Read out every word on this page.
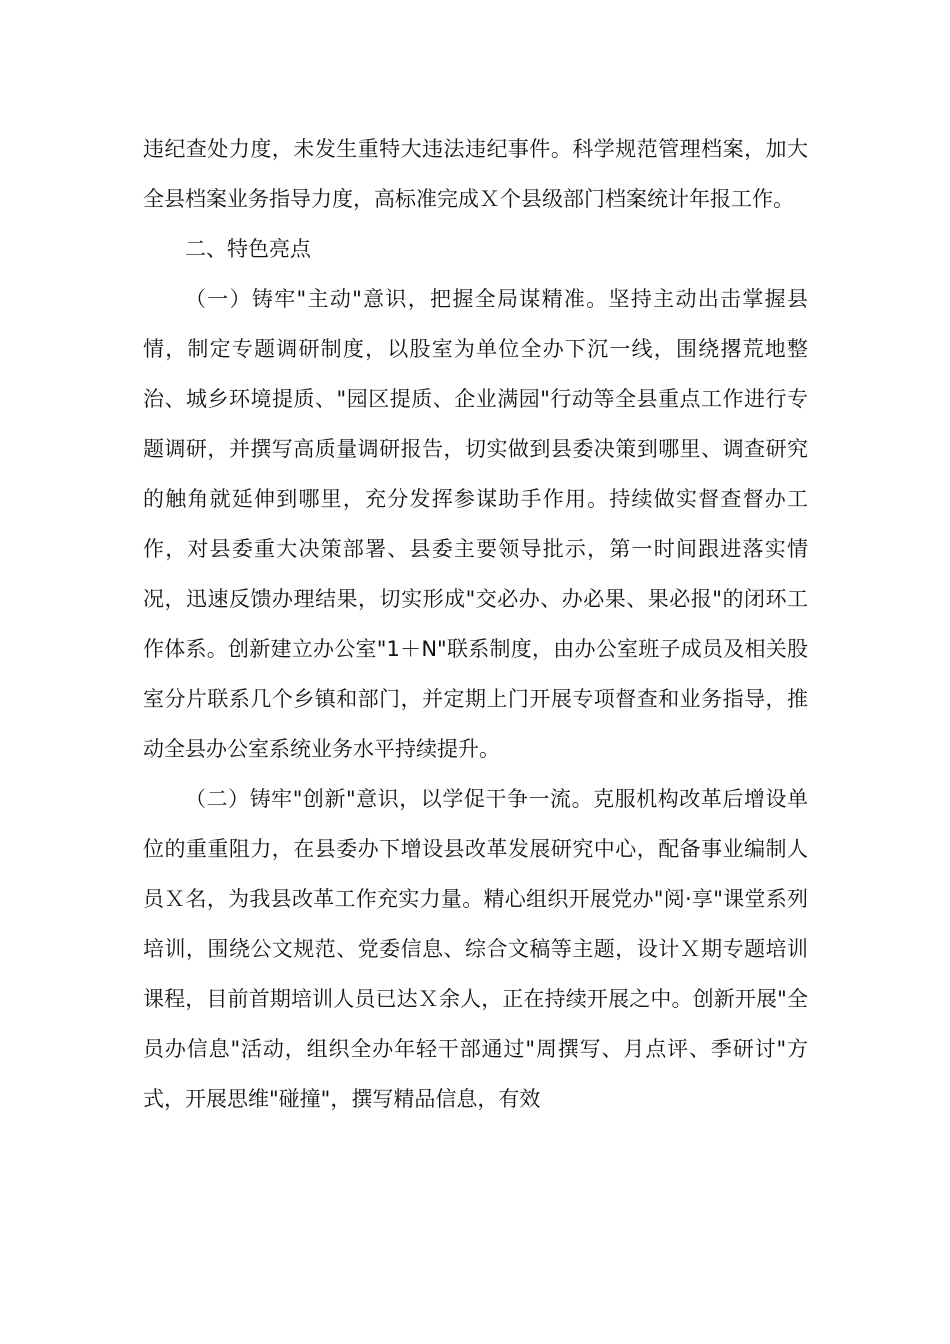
违纪查处力度，未发生重特大违法违纪事件。科学规范管理档案，加大全县档案业务指导力度，高标准完成Ｘ个县级部门档案统计年报工作。

二、特色亮点

（一）铸牢"主动"意识，把握全局谋精准。坚持主动出击掌握县情，制定专题调研制度，以股室为单位全办下沉一线，围绕撂荒地整治、城乡环境提质、"园区提质、企业满园"行动等全县重点工作进行专题调研，并撰写高质量调研报告，切实做到县委决策到哪里、调查研究的触角就延伸到哪里，充分发挥参谋助手作用。持续做实督查督办工作，对县委重大决策部署、县委主要领导批示，第一时间跟进落实情况，迅速反馈办理结果，切实形成"交必办、办必果、果必报"的闭环工作体系。创新建立办公室"1＋N"联系制度，由办公室班子成员及相关股室分片联系几个乡镇和部门，并定期上门开展专项督查和业务指导，推动全县办公室系统业务水平持续提升。

（二）铸牢"创新"意识，以学促干争一流。克服机构改革后增设单位的重重阻力，在县委办下增设县改革发展研究中心，配备事业编制人员Ｘ名，为我县改革工作充实力量。精心组织开展党办"阅·享"课堂系列培训，围绕公文规范、党委信息、综合文稿等主题，设计Ｘ期专题培训课程，目前首期培训人员已达Ｘ余人，正在持续开展之中。创新开展"全员办信息"活动，组织全办年轻干部通过"周撰写、月点评、季研讨"方式，开展思维"碰撞"，撰写精品信息，有效
